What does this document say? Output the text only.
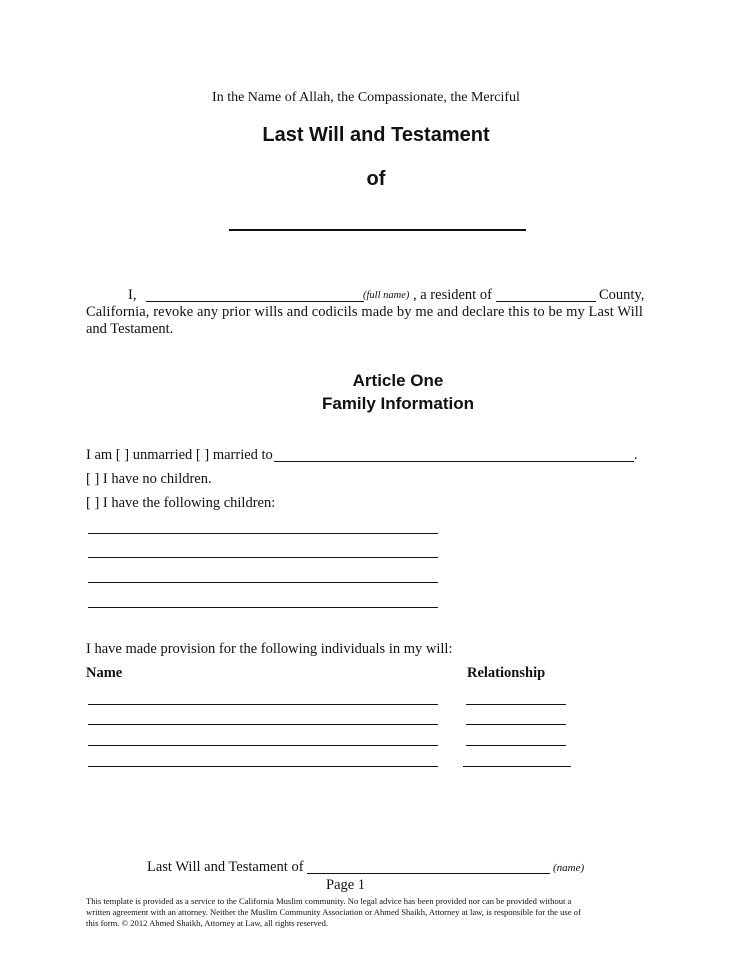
In the Name of Allah, the Compassionate, the Merciful
Last Will and Testament
of
I,	(full name) , a resident of	County,
California, revoke any prior wills and codicils made by me and declare this to be my Last Will
and Testament.
Article One
Family Information
I am [ ] unmarried [ ] married to	.
[ ] I have no children.
[ ] I have the following children:
I have made provision for the following individuals in my will:
Name	Relationship
Last Will and Testament of	(name)
Page 1
This template is provided as a service to the California Muslim community. No legal advice has been provided nor can be provided without a
written agreement with an attorney. Neither the Muslim Community Association or Ahmed Shaikh, Attorney at law, is responsible for the use of
this form. © 2012 Ahmed Shaikh, Attorney at Law, all rights reserved.
